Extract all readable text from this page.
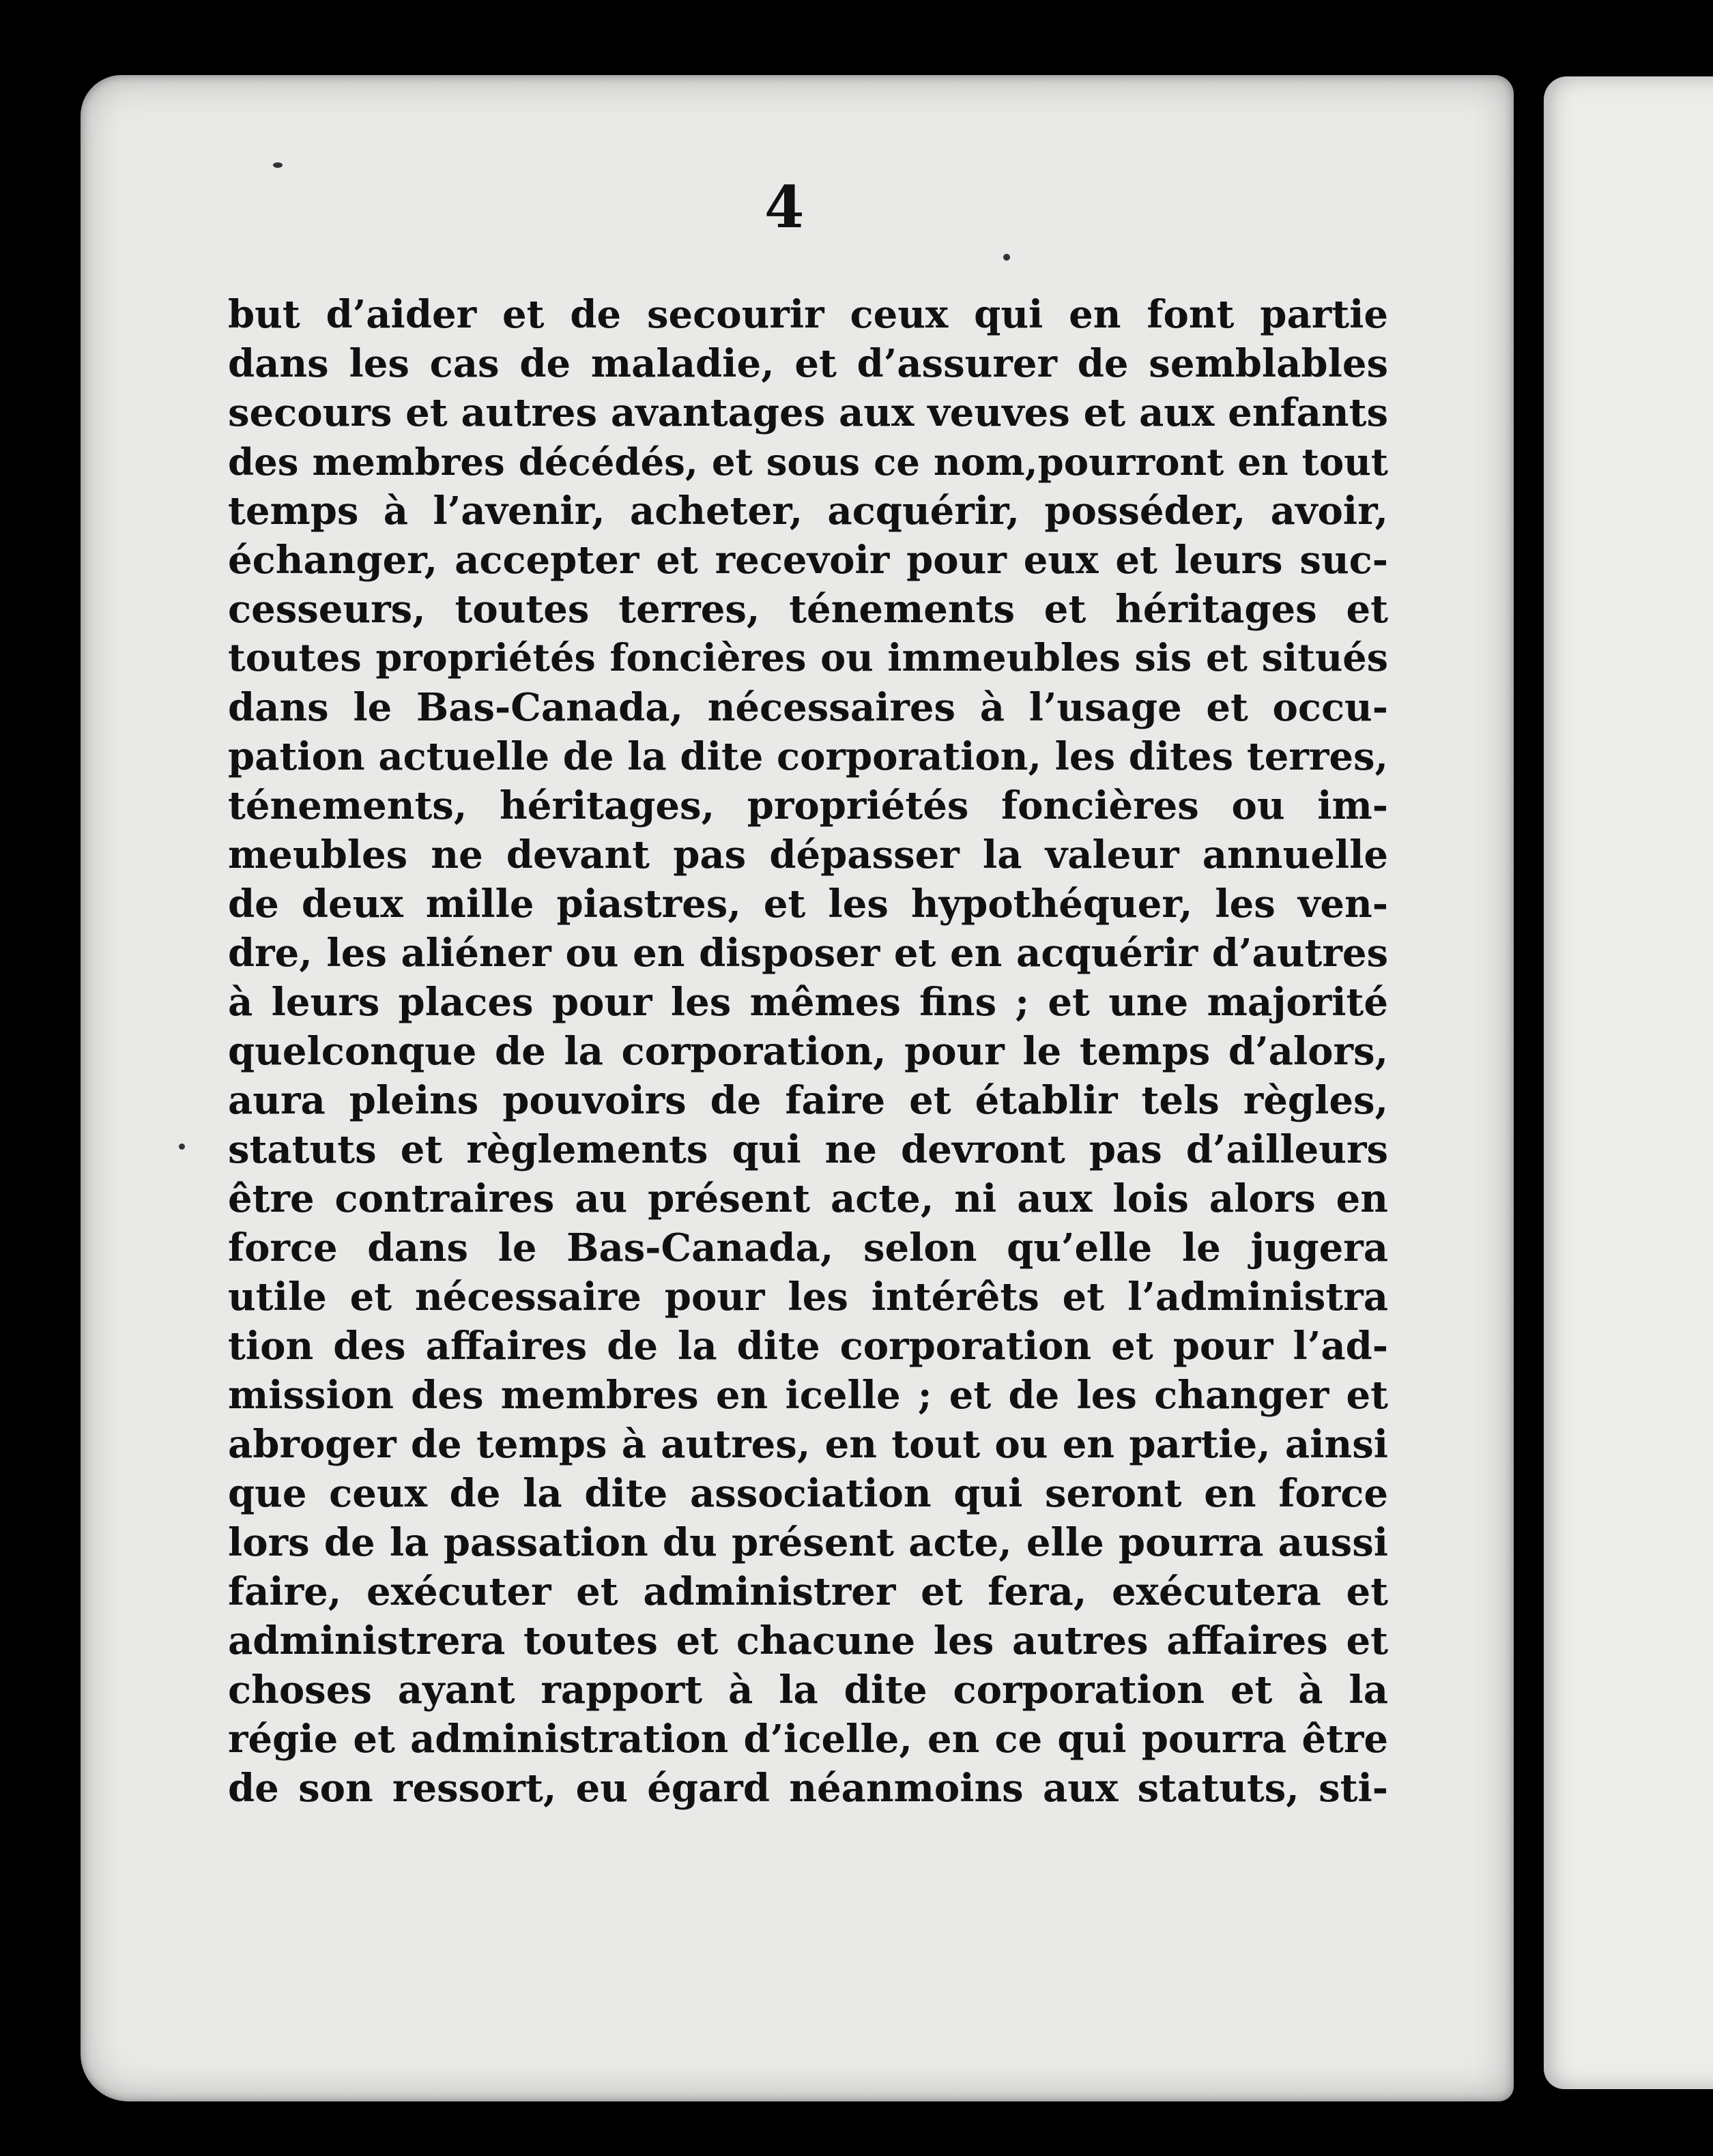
4
but d’aider et de secourir ceux qui en font partie
dans les cas de maladie, et d’assurer de semblables
secours et autres avantages aux veuves et aux enfants
des membres décédés, et sous ce nom,pourront en tout
temps à l’avenir, acheter, acquérir, posséder, avoir,
échanger, accepter et recevoir pour eux et leurs suc-
cesseurs, toutes terres, ténements et héritages et
toutes propriétés foncières ou immeubles sis et situés
dans le Bas-Canada, nécessaires à l’usage et occu-
pation actuelle de la dite corporation, les dites terres,
ténements, héritages, propriétés foncières ou im-
meubles ne devant pas dépasser la valeur annuelle
de deux mille piastres, et les hypothéquer, les ven-
dre, les aliéner ou en disposer et en acquérir d’autres
à leurs places pour les mêmes fins ; et une majorité
quelconque de la corporation, pour le temps d’alors,
aura pleins pouvoirs de faire et établir tels règles,
statuts et règlements qui ne devront pas d’ailleurs
être contraires au présent acte, ni aux lois alors en
force dans le Bas-Canada, selon qu’elle le jugera
utile et nécessaire pour les intérêts et l’administra
tion des affaires de la dite corporation et pour l’ad-
mission des membres en icelle ; et de les changer et
abroger de temps à autres, en tout ou en partie, ainsi
que ceux de la dite association qui seront en force
lors de la passation du présent acte, elle pourra aussi
faire, exécuter et administrer et fera, exécutera et
administrera toutes et chacune les autres affaires et
choses ayant rapport à la dite corporation et à la
régie et administration d’icelle, en ce qui pourra être
de son ressort, eu égard néanmoins aux statuts, sti-
